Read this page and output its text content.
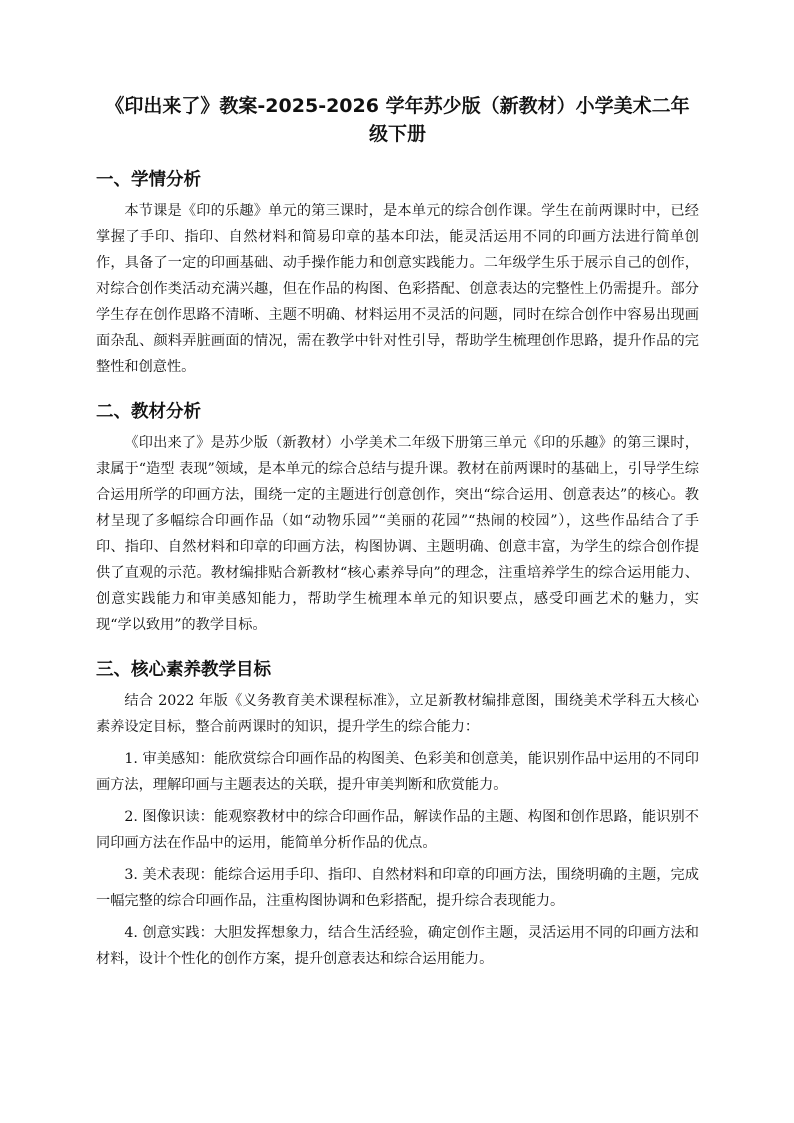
《印出来了》教案-2025-2026 学年苏少版（新教材）小学美术二年级下册
一、学情分析

本节课是《印的乐趣》单元的第三课时，是本单元的综合创作课。学生在前两课时中，已经掌握了手印、指印、自然材料和简易印章的基本印法，能灵活运用不同的印画方法进行简单创作，具备了一定的印画基础、动手操作能力和创意实践能力。二年级学生乐于展示自己的创作，对综合创作类活动充满兴趣，但在作品的构图、色彩搭配、创意表达的完整性上仍需提升。部分学生存在创作思路不清晰、主题不明确、材料运用不灵活的问题，同时在综合创作中容易出现画面杂乱、颜料弄脏画面的情况，需在教学中针对性引导，帮助学生梳理创作思路，提升作品的完整性和创意性。

二、教材分析

《印出来了》是苏少版（新教材）小学美术二年级下册第三单元《印的乐趣》的第三课时，隶属于“造型 表现”领域，是本单元的综合总结与提升课。教材在前两课时的基础上，引导学生综合运用所学的印画方法，围绕一定的主题进行创意创作，突出“综合运用、创意表达”的核心。教材呈现了多幅综合印画作品（如“动物乐园”“美丽的花园”“热闹的校园”），这些作品结合了手印、指印、自然材料和印章的印画方法，构图协调、主题明确、创意丰富，为学生的综合创作提供了直观的示范。教材编排贴合新教材“核心素养导向”的理念，注重培养学生的综合运用能力、创意实践能力和审美感知能力，帮助学生梳理本单元的知识要点，感受印画艺术的魅力，实现“学以致用”的教学目标。

三、核心素养教学目标

结合 2022 年版《义务教育美术课程标准》，立足新教材编排意图，围绕美术学科五大核心素养设定目标，整合前两课时的知识，提升学生的综合能力：

1. 审美感知：能欣赏综合印画作品的构图美、色彩美和创意美，能识别作品中运用的不同印画方法，理解印画与主题表达的关联，提升审美判断和欣赏能力。

2. 图像识读：能观察教材中的综合印画作品，解读作品的主题、构图和创作思路，能识别不同印画方法在作品中的运用，能简单分析作品的优点。

3. 美术表现：能综合运用手印、指印、自然材料和印章的印画方法，围绕明确的主题，完成一幅完整的综合印画作品，注重构图协调和色彩搭配，提升综合表现能力。

4. 创意实践：大胆发挥想象力，结合生活经验，确定创作主题，灵活运用不同的印画方法和材料，设计个性化的创作方案，提升创意表达和综合运用能力。
